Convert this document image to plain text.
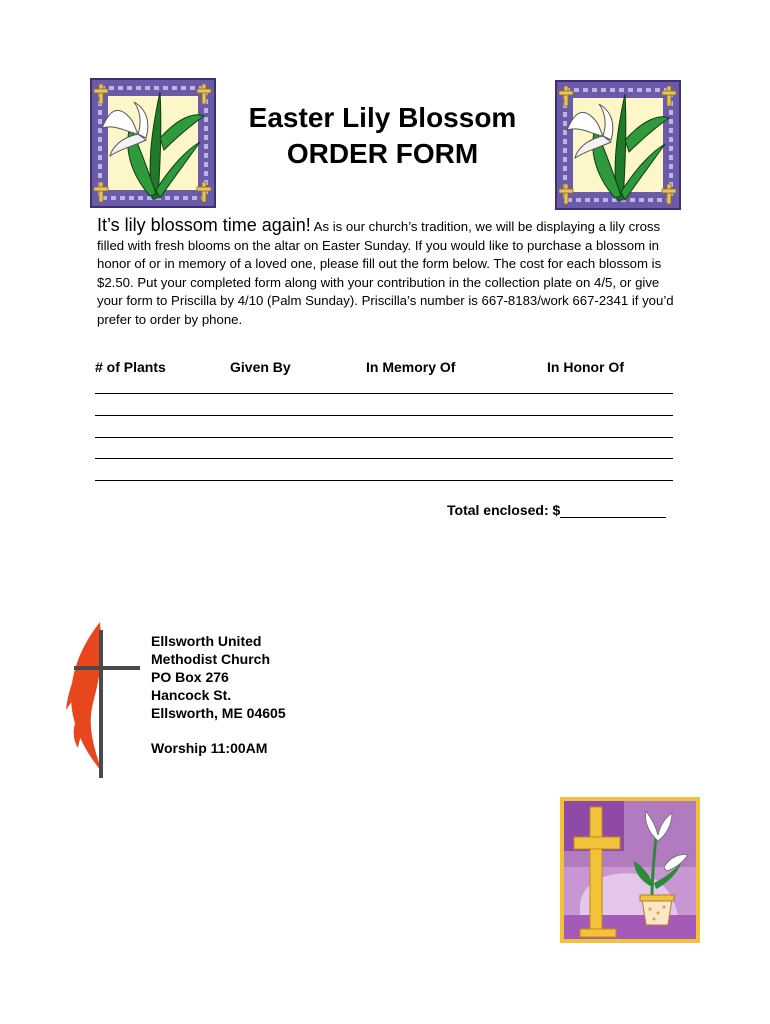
Easter Lily Blossom
ORDER FORM
It’s lily blossom time again! As is our church’s tradition, we will be displaying a lily cross filled with fresh blooms on the altar on Easter Sunday. If you would like to purchase a blossom in honor of or in memory of a loved one, please fill out the form below. The cost for each blossom is $2.50. Put your completed form along with your contribution in the collection plate on 4/5, or give your form to Priscilla by 4/10 (Palm Sunday). Priscilla’s number is 667-8183/work 667-2341 if you’d prefer to order by phone.
# of Plants	Given By	In Memory Of	In Honor Of
Total enclosed: $
Ellsworth United
Methodist Church
PO Box 276
Hancock St.
Ellsworth, ME 04605
Worship 11:00AM
